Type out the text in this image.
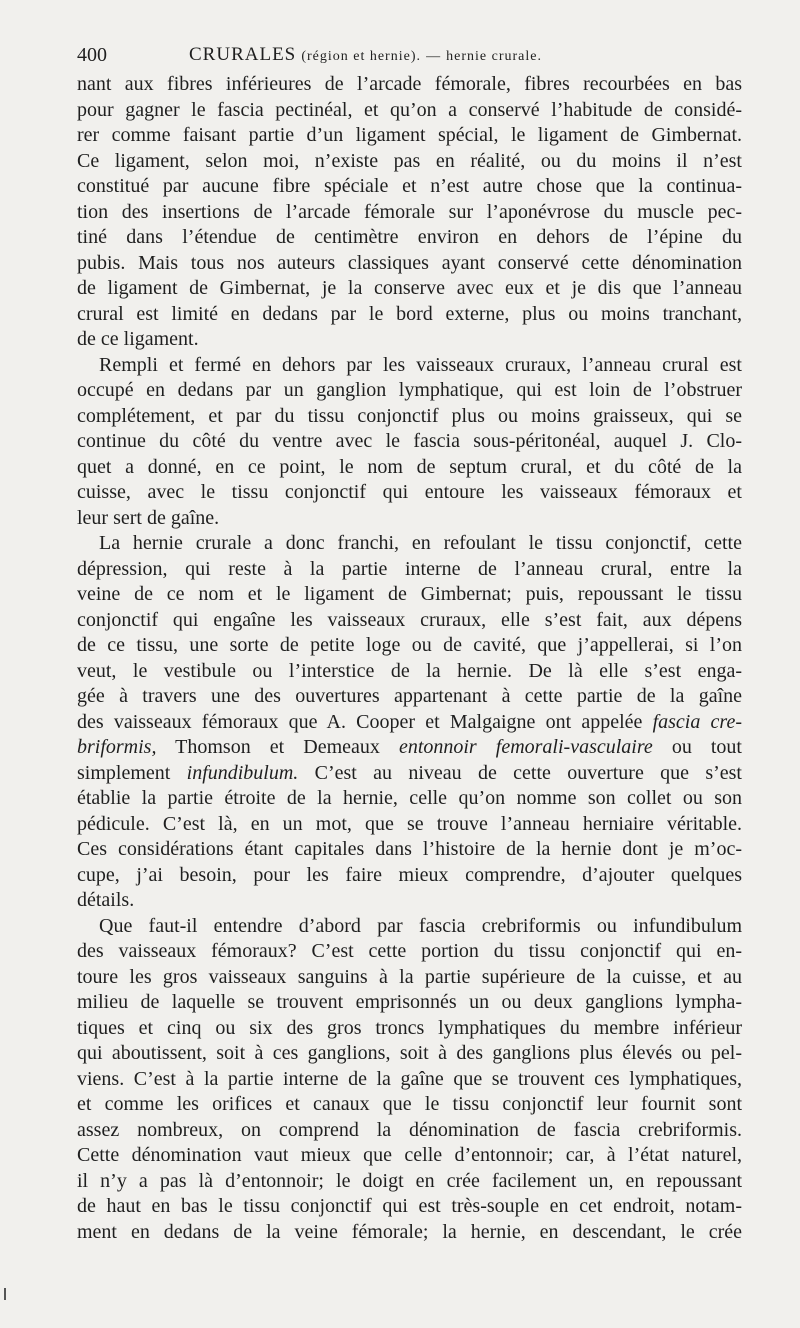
400	CRURALES (région et hernie). — hernie crurale.
nant aux fibres inférieures de l’arcade fémorale, fibres recourbées en bas
pour gagner le fascia pectinéal, et qu’on a conservé l’habitude de considé-
rer comme faisant partie d’un ligament spécial, le ligament de Gimbernat.
Ce ligament, selon moi, n’existe pas en réalité, ou du moins il n’est
constitué par aucune fibre spéciale et n’est autre chose que la continua-
tion des insertions de l’arcade fémorale sur l’aponévrose du muscle pec-
tiné dans l’étendue de centimètre environ en dehors de l’épine du
pubis. Mais tous nos auteurs classiques ayant conservé cette dénomination
de ligament de Gimbernat, je la conserve avec eux et je dis que l’anneau
crural est limité en dedans par le bord externe, plus ou moins tranchant,
de ce ligament.
Rempli et fermé en dehors par les vaisseaux cruraux, l’anneau crural est
occupé en dedans par un ganglion lymphatique, qui est loin de l’obstruer
complétement, et par du tissu conjonctif plus ou moins graisseux, qui se
continue du côté du ventre avec le fascia sous-péritonéal, auquel J. Clo-
quet a donné, en ce point, le nom de septum crural, et du côté de la
cuisse, avec le tissu conjonctif qui entoure les vaisseaux fémoraux et
leur sert de gaîne.
La hernie crurale a donc franchi, en refoulant le tissu conjonctif, cette
dépression, qui reste à la partie interne de l’anneau crural, entre la
veine de ce nom et le ligament de Gimbernat; puis, repoussant le tissu
conjonctif qui engaîne les vaisseaux cruraux, elle s’est fait, aux dépens
de ce tissu, une sorte de petite loge ou de cavité, que j’appellerai, si l’on
veut, le vestibule ou l’interstice de la hernie. De là elle s’est enga-
gée à travers une des ouvertures appartenant à cette partie de la gaîne
des vaisseaux fémoraux que A. Cooper et Malgaigne ont appelée fascia cre-
briformis, Thomson et Demeaux entonnoir femorali-vasculaire ou tout
simplement infundibulum. C’est au niveau de cette ouverture que s’est
établie la partie étroite de la hernie, celle qu’on nomme son collet ou son
pédicule. C’est là, en un mot, que se trouve l’anneau herniaire véritable.
Ces considérations étant capitales dans l’histoire de la hernie dont je m’oc-
cupe, j’ai besoin, pour les faire mieux comprendre, d’ajouter quelques
détails.
Que faut-il entendre d’abord par fascia crebriformis ou infundibulum
des vaisseaux fémoraux? C’est cette portion du tissu conjonctif qui en-
toure les gros vaisseaux sanguins à la partie supérieure de la cuisse, et au
milieu de laquelle se trouvent emprisonnés un ou deux ganglions lympha-
tiques et cinq ou six des gros troncs lymphatiques du membre inférieur
qui aboutissent, soit à ces ganglions, soit à des ganglions plus élevés ou pel-
viens. C’est à la partie interne de la gaîne que se trouvent ces lymphatiques,
et comme les orifices et canaux que le tissu conjonctif leur fournit sont
assez nombreux, on comprend la dénomination de fascia crebriformis.
Cette dénomination vaut mieux que celle d’entonnoir; car, à l’état naturel,
il n’y a pas là d’entonnoir; le doigt en crée facilement un, en repoussant
de haut en bas le tissu conjonctif qui est très-souple en cet endroit, notam-
ment en dedans de la veine fémorale; la hernie, en descendant, le crée
